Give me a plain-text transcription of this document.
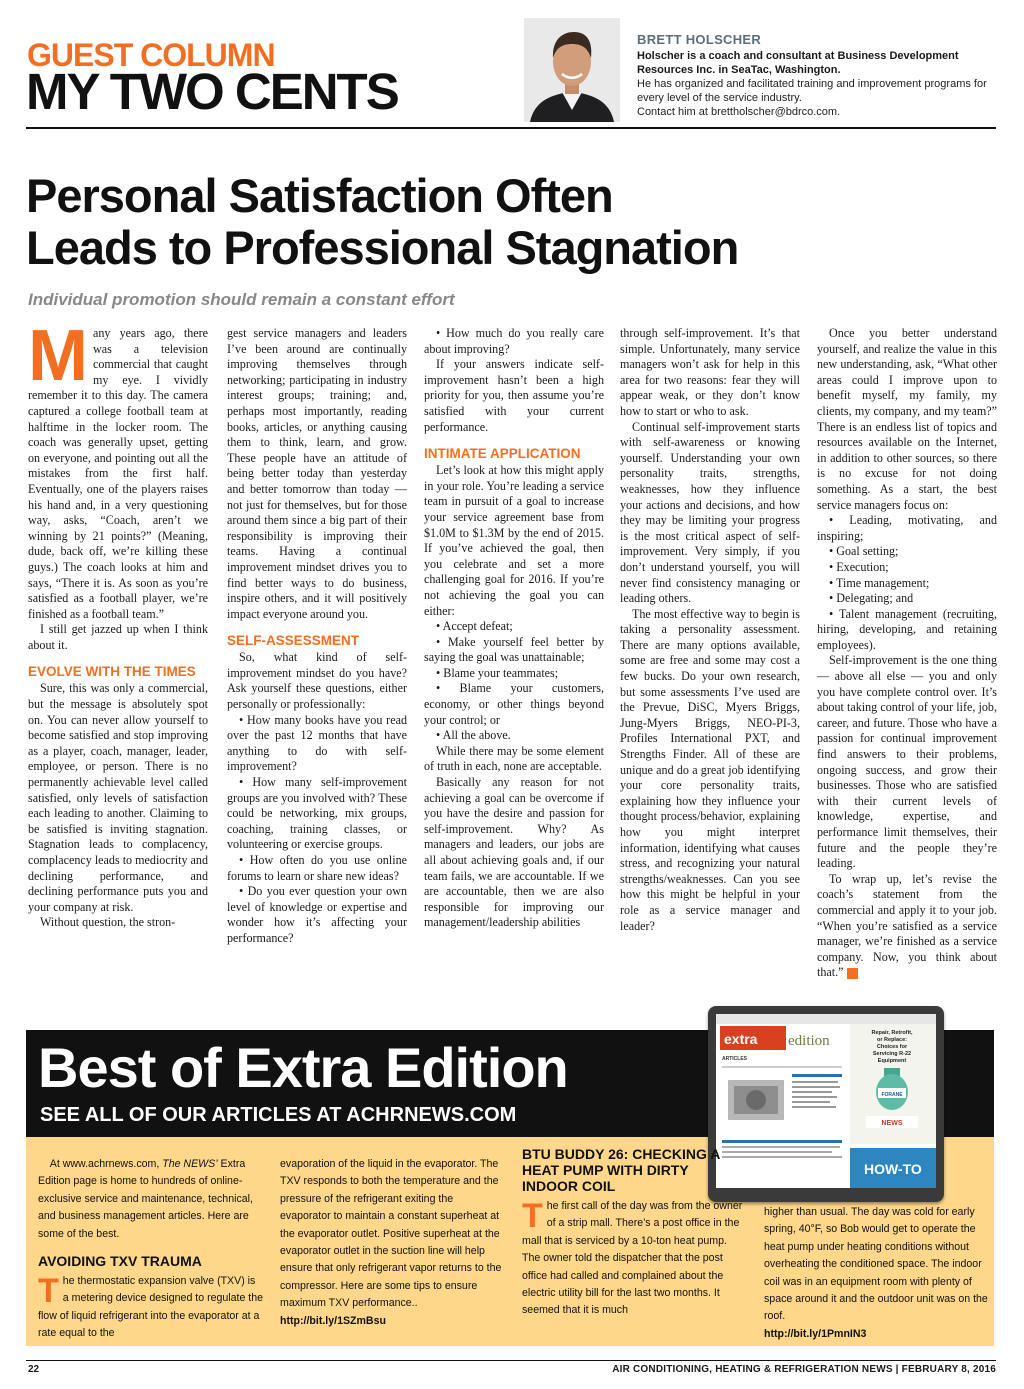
GUEST COLUMN
MY TWO CENTS
BRETT HOLSCHER
Holscher is a coach and consultant at Business Development Resources Inc. in SeaTac, Washington.
He has organized and facilitated training and improvement programs for every level of the service industry.
Contact him at brettholscher@bdrco.com.
Personal Satisfaction Often
Leads to Professional Stagnation
Individual promotion should remain a constant effort

Many years ago, there was a television commercial that caught my eye. I vividly remember it to this day. The camera captured a college football team at halftime in the locker room. The coach was generally upset, getting on everyone, and pointing out all the mistakes from the first half. Eventually, one of the players raises his hand and, in a very questioning way, asks, “Coach, aren’t we winning by 21 points?” (Meaning, dude, back off, we’re killing these guys.) The coach looks at him and says, “There it is. As soon as you’re satisfied as a football player, we’re finished as a football team.”

I still get jazzed up when I think about it.

EVOLVE WITH THE TIMES

Sure, this was only a commercial, but the message is absolutely spot on. You can never allow yourself to become satisfied and stop improving as a player, coach, manager, leader, employee, or person. There is no permanently achievable level called satisfied, only levels of satisfaction each leading to another. Claiming to be satisfied is inviting stagnation. Stagnation leads to complacency, complacency leads to mediocrity and declining performance, and declining performance puts you and your company at risk.

Without question, the stron-

gest service managers and leaders I’ve been around are continually improving themselves through networking; participating in industry interest groups; training; and, perhaps most importantly, reading books, articles, or anything causing them to think, learn, and grow. These people have an attitude of being better today than yesterday and better tomorrow than today — not just for themselves, but for those around them since a big part of their responsibility is improving their teams. Having a continual improvement mindset drives you to find better ways to do business, inspire others, and it will positively impact everyone around you.

SELF-ASSESSMENT

So, what kind of self-improvement mindset do you have? Ask yourself these questions, either personally or professionally:

• How many books have you read over the past 12 months that have anything to do with self-improvement?

• How many self-improvement groups are you involved with? These could be networking, mix groups, coaching, training classes, or volunteering or exercise groups.

• How often do you use online forums to learn or share new ideas?

• Do you ever question your own level of knowledge or expertise and wonder how it’s affecting your performance?

• How much do you really care about improving?

If your answers indicate self-improvement hasn’t been a high priority for you, then assume you’re satisfied with your current performance.

INTIMATE APPLICATION

Let’s look at how this might apply in your role. You’re leading a service team in pursuit of a goal to increase your service agreement base from $1.0M to $1.3M by the end of 2015. If you’ve achieved the goal, then you celebrate and set a more challenging goal for 2016. If you’re not achieving the goal you can either:

• Accept defeat;

• Make yourself feel better by saying the goal was unattainable;

• Blame your teammates;

• Blame your customers, economy, or other things beyond your control; or

• All the above.

While there may be some element of truth in each, none are acceptable.

Basically any reason for not achieving a goal can be overcome if you have the desire and passion for self-improvement. Why? As managers and leaders, our jobs are all about achieving goals and, if our team fails, we are accountable. If we are accountable, then we are also responsible for improving our management/leadership abilities

through self-improvement. It’s that simple. Unfortunately, many service managers won’t ask for help in this area for two reasons: fear they will appear weak, or they don’t know how to start or who to ask.

Continual self-improvement starts with self-awareness or knowing yourself. Understanding your own personality traits, strengths, weaknesses, how they influence your actions and decisions, and how they may be limiting your progress is the most critical aspect of self-improvement. Very simply, if you don’t understand yourself, you will never find consistency managing or leading others.

The most effective way to begin is taking a personality assessment. There are many options available, some are free and some may cost a few bucks. Do your own research, but some assessments I’ve used are the Prevue, DiSC, Myers Briggs, Jung-Myers Briggs, NEO-PI-3, Profiles International PXT, and Strengths Finder. All of these are unique and do a great job identifying your core personality traits, explaining how they influence your thought process/behavior, explaining how you might interpret information, identifying what causes stress, and recognizing your natural strengths/weaknesses. Can you see how this might be helpful in your role as a service manager and leader?

Once you better understand yourself, and realize the value in this new understanding, ask, “What other areas could I improve upon to benefit myself, my family, my clients, my company, and my team?” There is an endless list of topics and resources available on the Internet, in addition to other sources, so there is no excuse for not doing something. As a start, the best service managers focus on:

• Leading, motivating, and inspiring;

• Goal setting;

• Execution;

• Time management;

• Delegating; and

• Talent management (recruiting, hiring, developing, and retaining employees).

Self-improvement is the one thing — above all else — you and only you have complete control over. It’s about taking control of your life, job, career, and future. Those who have a passion for continual improvement find answers to their problems, ongoing success, and grow their businesses. Those who are satisfied with their current levels of knowledge, expertise, and performance limit themselves, their future and the people they’re leading.

To wrap up, let’s revise the coach’s statement from the commercial and apply it to your job. “When you’re satisfied as a service manager, we’re finished as a service company. Now, you think about that.” N

Best of Extra Edition
SEE ALL OF OUR ARTICLES AT ACHRNEWS.COM
extra edition
ARTICLES
Repair, Retrofit,
or Replace:
Choices for
Servicing R-22
Equipment
FORANE
NEWS
HOW-TO

At www.achrnews.com, The NEWS’ Extra Edition page is home to hundreds of online-exclusive service and maintenance, technical, and business management articles. Here are some of the best.

AVOIDING TXV TRAUMA

The thermostatic expansion valve (TXV) is a metering device designed to regulate the flow of liquid refrigerant into the evaporator at a rate equal to the

evaporation of the liquid in the evaporator. The TXV responds to both the temperature and the pressure of the refrigerant exiting the evaporator to maintain a constant superheat at the evaporator outlet. Positive superheat at the evaporator outlet in the suction line will help ensure that only refrigerant vapor returns to the compressor. Here are some tips to ensure maximum TXV performance..

http://bit.ly/1SZmBsu

BTU BUDDY 26: CHECKING A HEAT PUMP WITH DIRTY INDOOR COIL

The first call of the day was from the owner of a strip mall. There’s a post office in the mall that is serviced by a 10-ton heat pump. The owner told the dispatcher that the post office had called and complained about the electric utility bill for the last two months. It seemed that it is much

higher than usual. The day was cold for early spring, 40°F, so Bob would get to operate the heat pump under heating conditions without overheating the conditioned space. The indoor coil was in an equipment room with plenty of space around it and the outdoor unit was on the roof.

http://bit.ly/1PmnIN3

22	AIR CONDITIONING, HEATING & REFRIGERATION NEWS | FEBRUARY 8, 2016
